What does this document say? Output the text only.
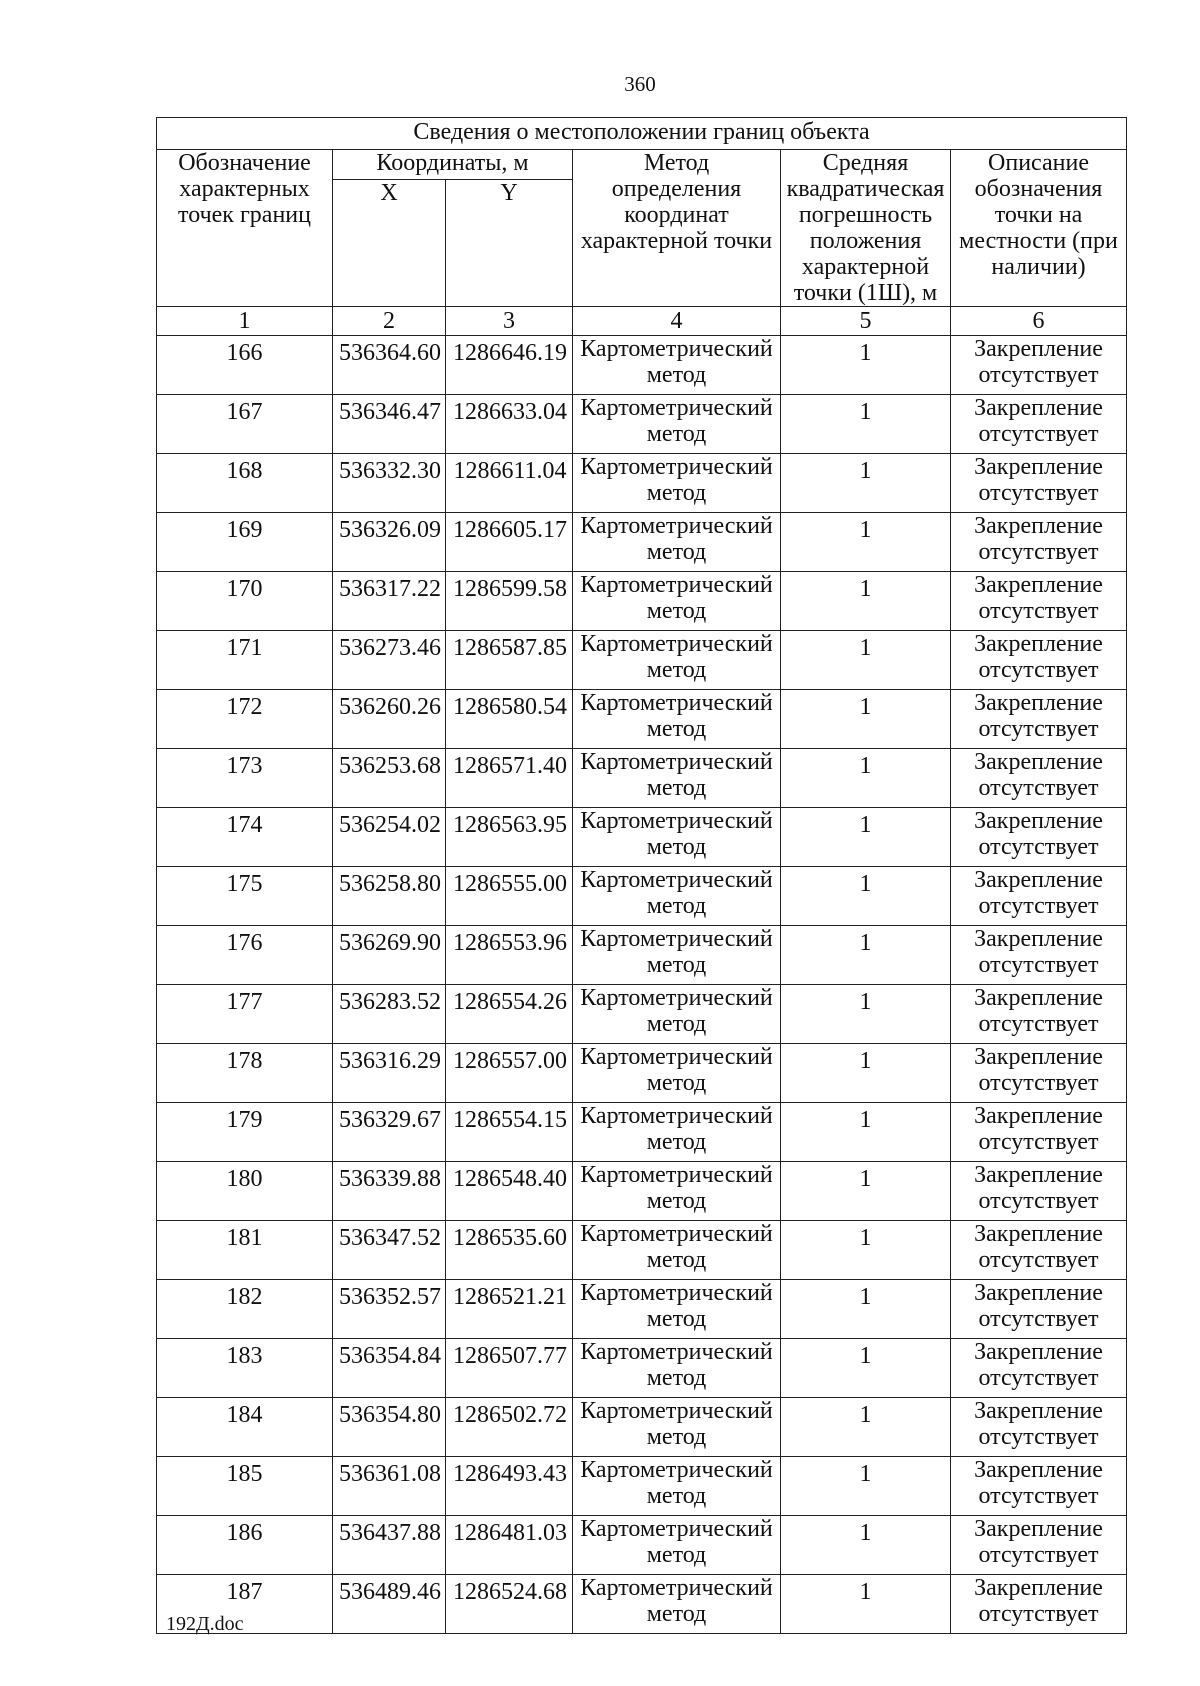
360
Сведения о местоположении границ объекта					
Обозначение характерных точек границ	Координаты, м		Метод определения координат характерной точки	Средняя квадратическая погрешность положения характерной точки (1Ш), м	Описание обозначения точки на местности (при наличии)
	X	Y			
1	2	3	4	5	6
166	536364.60	1286646.19	Картометрический метод	1	Закрепление отсутствует
167	536346.47	1286633.04	Картометрический метод	1	Закрепление отсутствует
168	536332.30	1286611.04	Картометрический метод	1	Закрепление отсутствует
169	536326.09	1286605.17	Картометрический метод	1	Закрепление отсутствует
170	536317.22	1286599.58	Картометрический метод	1	Закрепление отсутствует
171	536273.46	1286587.85	Картометрический метод	1	Закрепление отсутствует
172	536260.26	1286580.54	Картометрический метод	1	Закрепление отсутствует
173	536253.68	1286571.40	Картометрический метод	1	Закрепление отсутствует
174	536254.02	1286563.95	Картометрический метод	1	Закрепление отсутствует
175	536258.80	1286555.00	Картометрический метод	1	Закрепление отсутствует
176	536269.90	1286553.96	Картометрический метод	1	Закрепление отсутствует
177	536283.52	1286554.26	Картометрический метод	1	Закрепление отсутствует
178	536316.29	1286557.00	Картометрический метод	1	Закрепление отсутствует
179	536329.67	1286554.15	Картометрический метод	1	Закрепление отсутствует
180	536339.88	1286548.40	Картометрический метод	1	Закрепление отсутствует
181	536347.52	1286535.60	Картометрический метод	1	Закрепление отсутствует
182	536352.57	1286521.21	Картометрический метод	1	Закрепление отсутствует
183	536354.84	1286507.77	Картометрический метод	1	Закрепление отсутствует
184	536354.80	1286502.72	Картометрический метод	1	Закрепление отсутствует
185	536361.08	1286493.43	Картометрический метод	1	Закрепление отсутствует
186	536437.88	1286481.03	Картометрический метод	1	Закрепление отсутствует
187	536489.46	1286524.68	Картометрический метод	1	Закрепление отсутствует
192Д.doc
